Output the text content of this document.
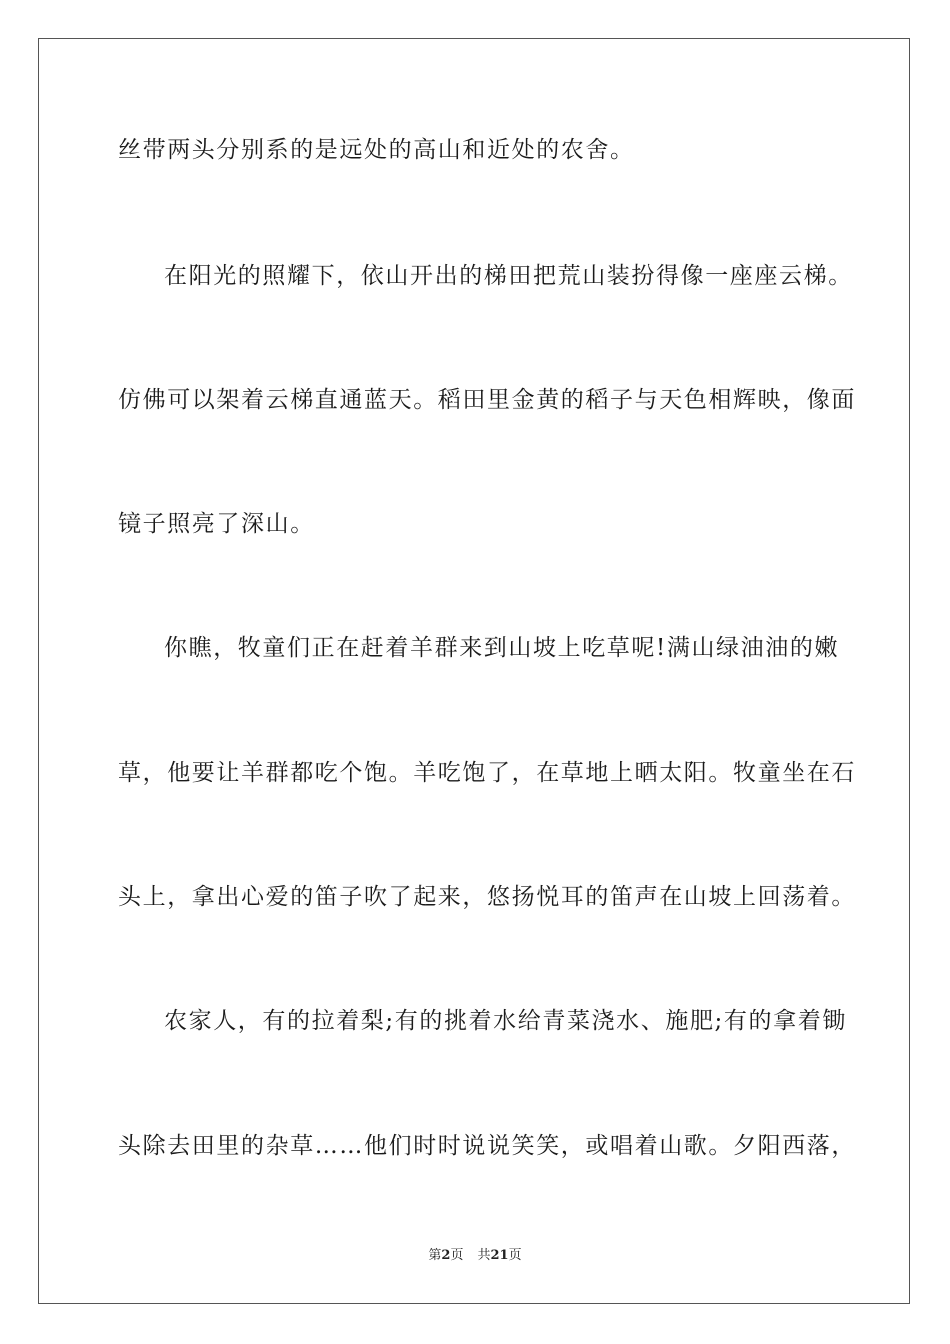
丝带两头分别系的是远处的高山和近处的农舍。
在阳光的照耀下，依山开出的梯田把荒山装扮得像一座座云梯。
仿佛可以架着云梯直通蓝天。稻田里金黄的稻子与天色相辉映，像面
镜子照亮了深山。
你瞧，牧童们正在赶着羊群来到山坡上吃草呢!满山绿油油的嫩
草，他要让羊群都吃个饱。羊吃饱了，在草地上晒太阳。牧童坐在石
头上，拿出心爱的笛子吹了起来，悠扬悦耳的笛声在山坡上回荡着。
农家人，有的拉着梨;有的挑着水给青菜浇水、施肥;有的拿着锄
头除去田里的杂草……他们时时说说笑笑，或唱着山歌。夕阳西落，
第2页 共21页
